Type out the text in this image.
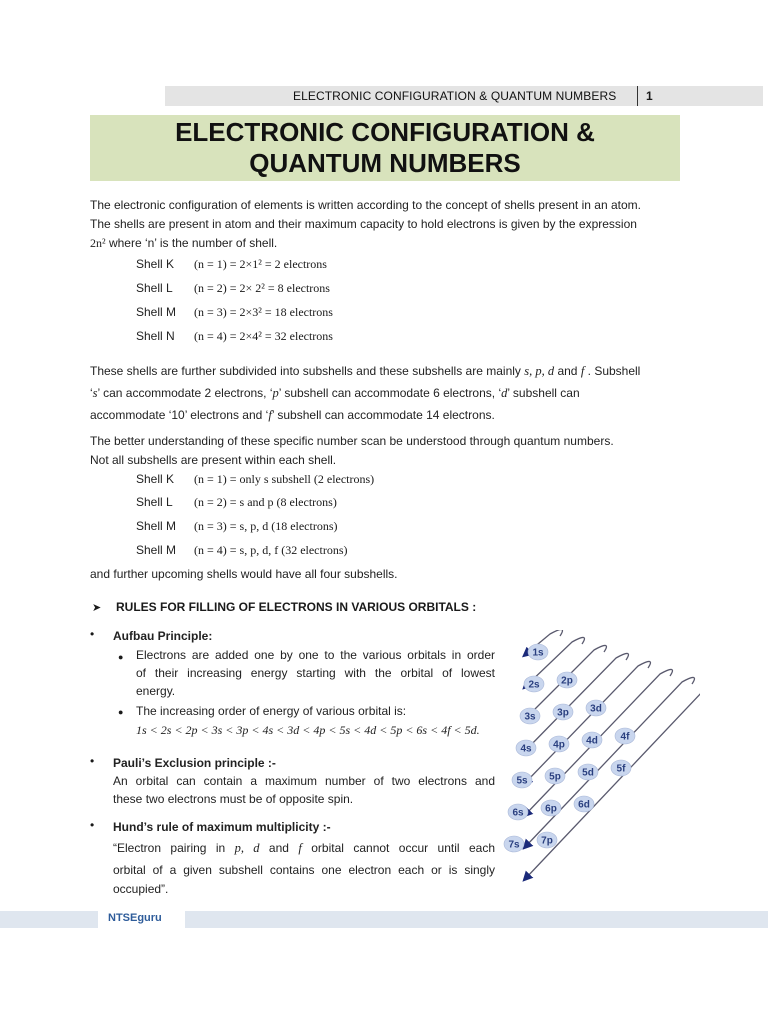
ELECTRONIC CONFIGURATION & QUANTUM NUMBERS 1
ELECTRONIC CONFIGURATION &
QUANTUM NUMBERS
The electronic configuration of elements is written according to the concept of shells present in an atom.
The shells are present in atom and their maximum capacity to hold electrons is given by the expression
2n² where ‘n’ is the number of shell.
Shell K (n = 1) = 2×1² = 2 electrons
Shell L (n = 2) = 2× 2² = 8 electrons
Shell M (n = 3) = 2×3² = 18 electrons
Shell N (n = 4) = 2×4² = 32 electrons
These shells are further subdivided into subshells and these subshells are mainly s, p, d and f . Subshell
‘s’ can accommodate 2 electrons, ‘p’ subshell can accommodate 6 electrons, ‘d’ subshell can
accommodate ‘10’ electrons and ‘f’ subshell can accommodate 14 electrons.
The better understanding of these specific number scan be understood through quantum numbers.
Not all subshells are present within each shell.
Shell K (n = 1) = only s subshell (2 electrons)
Shell L (n = 2) = s and p (8 electrons)
Shell M (n = 3) = s, p, d (18 electrons)
Shell M (n = 4) = s, p, d, f (32 electrons)
and further upcoming shells would have all four subshells.
➤ RULES FOR FILLING OF ELECTRONS IN VARIOUS ORBITALS :
• Aufbau Principle:
● Electrons are added one by one to the various orbitals in order
of their increasing energy starting with the orbital of lowest
energy.
● The increasing order of energy of various orbital is:
1s < 2s < 2p < 3s < 3p < 4s < 3d < 4p < 5s < 4d < 5p < 6s < 4f < 5d.
• Pauli’s Exclusion principle :-
An orbital can contain a maximum number of two electrons and
these two electrons must be of opposite spin.
• Hund’s rule of maximum multiplicity :-
“Electron pairing in p, d and f orbital cannot occur until each
orbital of a given subshell contains one electron each or is singly
occupied”.
1s
2s 2p
3s 3p 3d
4s 4p 4d 4f
5s 5p 5d 5f
6s 6p 6d
7s 7p
NTSEguru
